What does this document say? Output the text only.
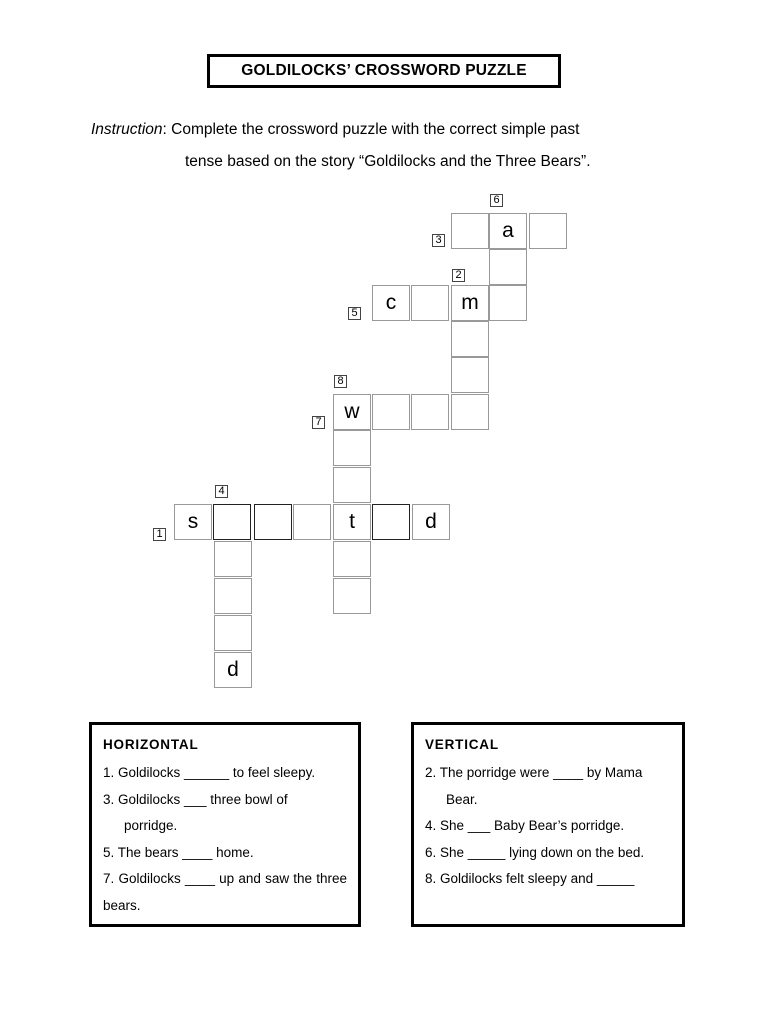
GOLDILOCKS’ CROSSWORD PUZZLE
Instruction: Complete the crossword puzzle with the correct simple past
tense based on the story “Goldilocks and the Three Bears”.
a
c	m
w
s	t	d
d
6
3
2
5
8
7
4
1
HORIZONTAL
1. Goldilocks ______ to feel sleepy.
3. Goldilocks ___ three bowl of
porridge.
5. The bears ____ home.
7. Goldilocks ____ up and saw the three bears.
VERTICAL
2. The porridge were ____ by Mama
Bear.
4. She ___ Baby Bear’s porridge.
6. She _____ lying down on the bed.
8. Goldilocks felt sleepy and _____
